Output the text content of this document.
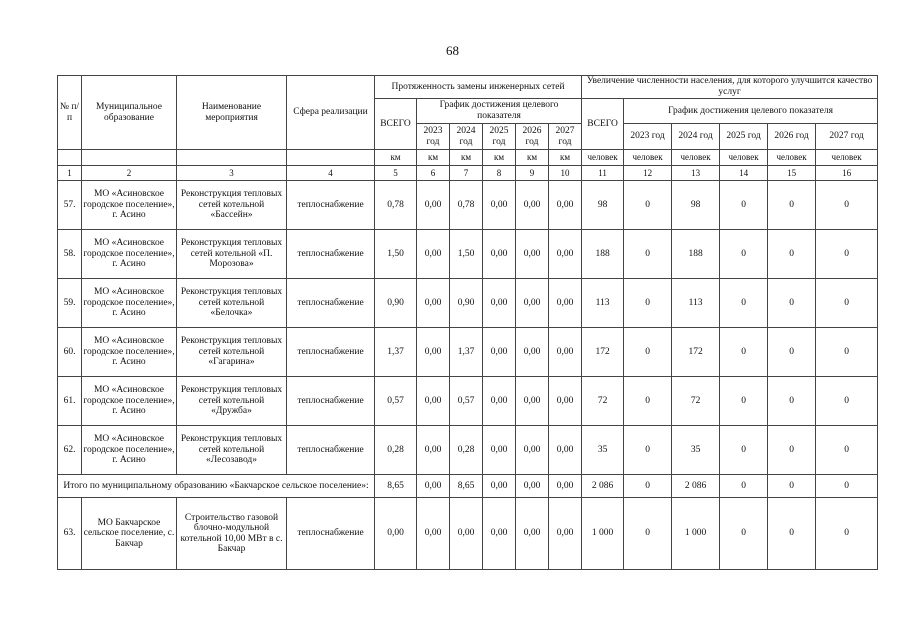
68
№ п/п	Муниципальное образование	Наименование мероприятия	Сфера реализации	Протяженность замены инженерных сетей						Увеличение численности населения, для которого улучшится качество услуг					
				ВСЕГО	График достижения целевого показателя					ВСЕГО	График достижения целевого показателя				
					2023 год	2024 год	2025 год	2026 год	2027 год		2023 год	2024 год	2025 год	2026 год	2027 год
				км	км	км	км	км	км	человек	человек	человек	человек	человек	человек
1	2	3	4	5	6	7	8	9	10	11	12	13	14	15	16
57.	МО «Асиновское городское поселение», г. Асино	Реконструкция тепловых сетей котельной «Бассейн»	теплоснабжение	0,78	0,00	0,78	0,00	0,00	0,00	98	0	98	0	0	0
58.	МО «Асиновское городское поселение», г. Асино	Реконструкция тепловых сетей котельной «П. Морозова»	теплоснабжение	1,50	0,00	1,50	0,00	0,00	0,00	188	0	188	0	0	0
59.	МО «Асиновское городское поселение», г. Асино	Реконструкция тепловых сетей котельной «Белочка»	теплоснабжение	0,90	0,00	0,90	0,00	0,00	0,00	113	0	113	0	0	0
60.	МО «Асиновское городское поселение», г. Асино	Реконструкция тепловых сетей котельной «Гагарина»	теплоснабжение	1,37	0,00	1,37	0,00	0,00	0,00	172	0	172	0	0	0
61.	МО «Асиновское городское поселение», г. Асино	Реконструкция тепловых сетей котельной «Дружба»	теплоснабжение	0,57	0,00	0,57	0,00	0,00	0,00	72	0	72	0	0	0
62.	МО «Асиновское городское поселение», г. Асино	Реконструкция тепловых сетей котельной «Лесозавод»	теплоснабжение	0,28	0,00	0,28	0,00	0,00	0,00	35	0	35	0	0	0
Итого по муниципальному образованию «Бакчарское сельское поселение»:				8,65	0,00	8,65	0,00	0,00	0,00	2 086	0	2 086	0	0	0
63.	МО Бакчарское сельское поселение, с. Бакчар	Строительство газовой блочно-модульной котельной 10,00 МВт в с. Бакчар	теплоснабжение	0,00	0,00	0,00	0,00	0,00	0,00	1 000	0	1 000	0	0	0
